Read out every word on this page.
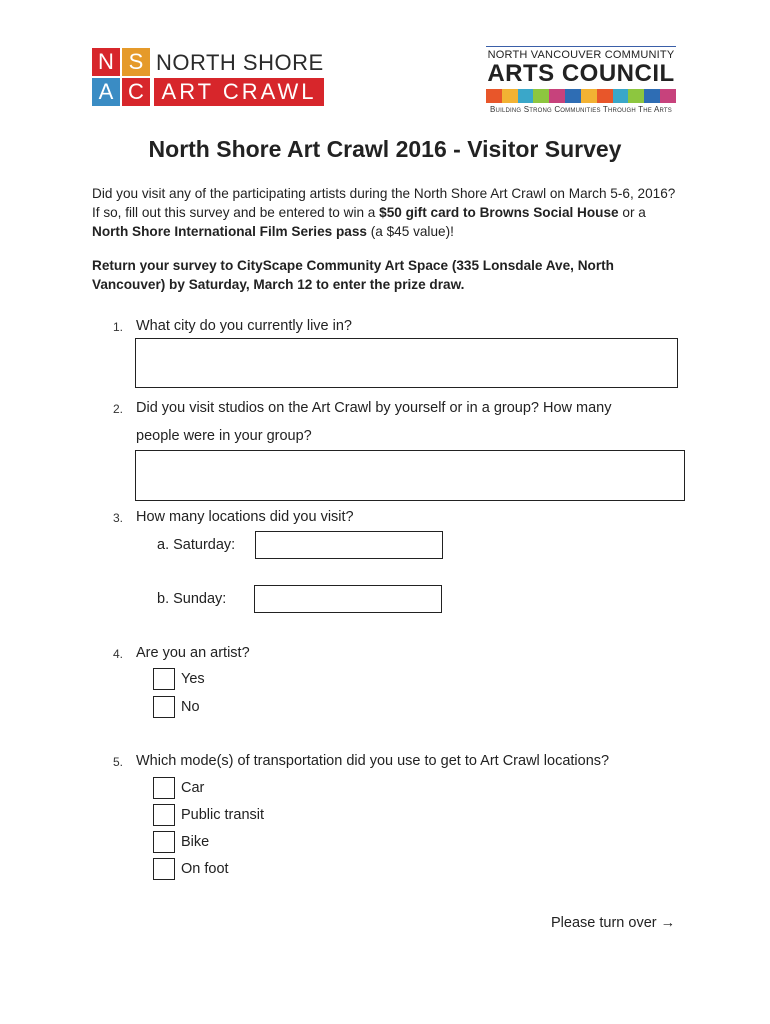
N S
A C
NORTH SHORE
ART CRAWL
NORTH VANCOUVER COMMUNITY
ARTS COUNCIL
Building Strong Communities Through The Arts
North Shore Art Crawl 2016 - Visitor Survey
Did you visit any of the participating artists during the North Shore Art Crawl on March 5-6, 2016? If so, fill out this survey and be entered to win a $50 gift card to Browns Social House or a North Shore International Film Series pass (a $45 value)!
Return your survey to CityScape Community Art Space (335 Lonsdale Ave, North Vancouver) by Saturday, March 12 to enter the prize draw.
1. What city do you currently live in?
2. Did you visit studios on the Art Crawl by yourself or in a group? How many
people were in your group?
3. How many locations did you visit?
a. Saturday:
b. Sunday:
4. Are you an artist?
Yes
No
5. Which mode(s) of transportation did you use to get to Art Crawl locations?
Car
Public transit
Bike
On foot
Please turn over →
